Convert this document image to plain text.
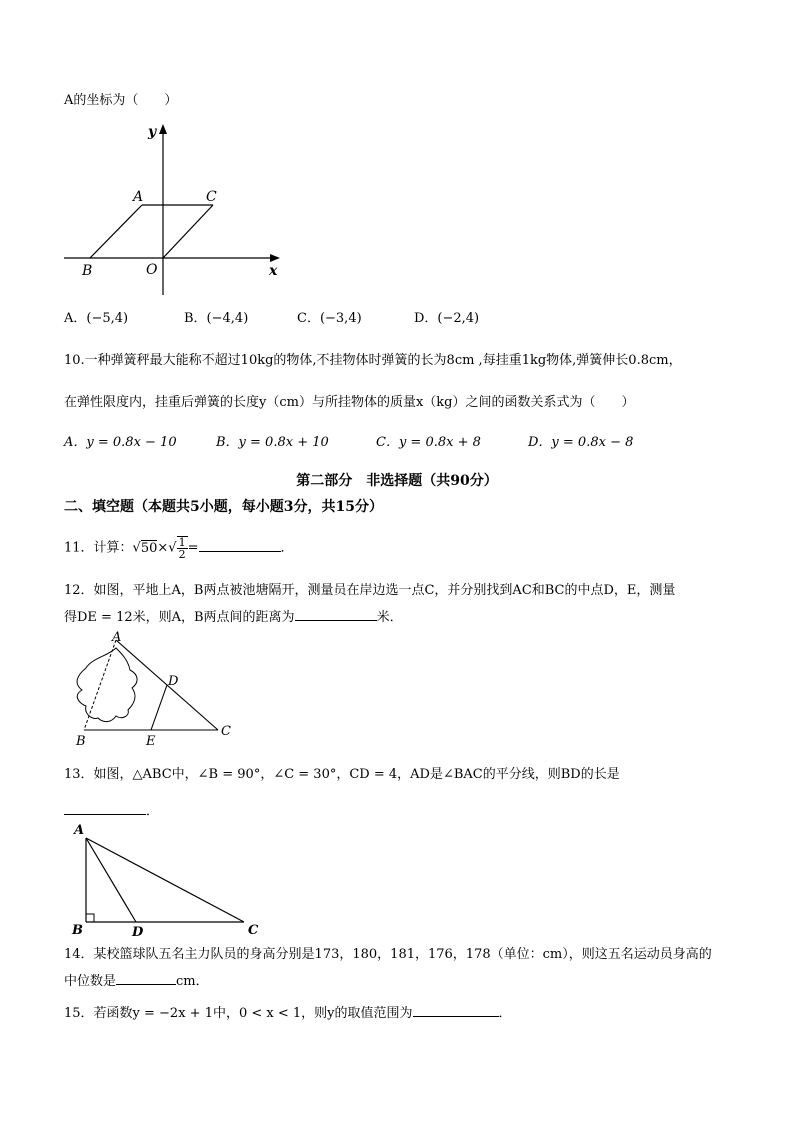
A的坐标为（　　）
y
x
A	C
B	O
A．(−5,4)	B．(−4,4)	C．(−3,4)	D．(−2,4)
10.一种弹簧秤最大能称不超过10kg的物体,不挂物体时弹簧的长为8cm ,每挂重1kg物体,弹簧伸长0.8cm，
在弹性限度内，挂重后弹簧的长度y（cm）与所挂物体的质量x（kg）之间的函数关系式为（　　）
A．y = 0.8x − 10	B．y = 0.8x + 10	C．y = 0.8x + 8	D．y = 0.8x − 8
第二部分　非选择题（共90分）
二、填空题（本题共5小题，每小题3分，共15分）
11．计算：$√50\times√ \frac{1}{2}$ =	．
12．如图，平地上A，B两点被池塘隔开，测量员在岸边选一点C，并分别找到AC和BC的中点D，E，测量
得DE = 12米，则A，B两点间的距离为	米．
A
B
C
D
E
13．如图，△ABC中，∠B = 90°，∠C = 30°，CD = 4，AD是∠BAC的平分线，则BD的长是
．
A
B	C
D
14．某校篮球队五名主力队员的身高分别是173，180，181，176，178（单位：cm），则这五名运动员身高的
中位数是	cm．
15．若函数y = −2x + 1中，0 < x < 1，则y的取值范围为	．
